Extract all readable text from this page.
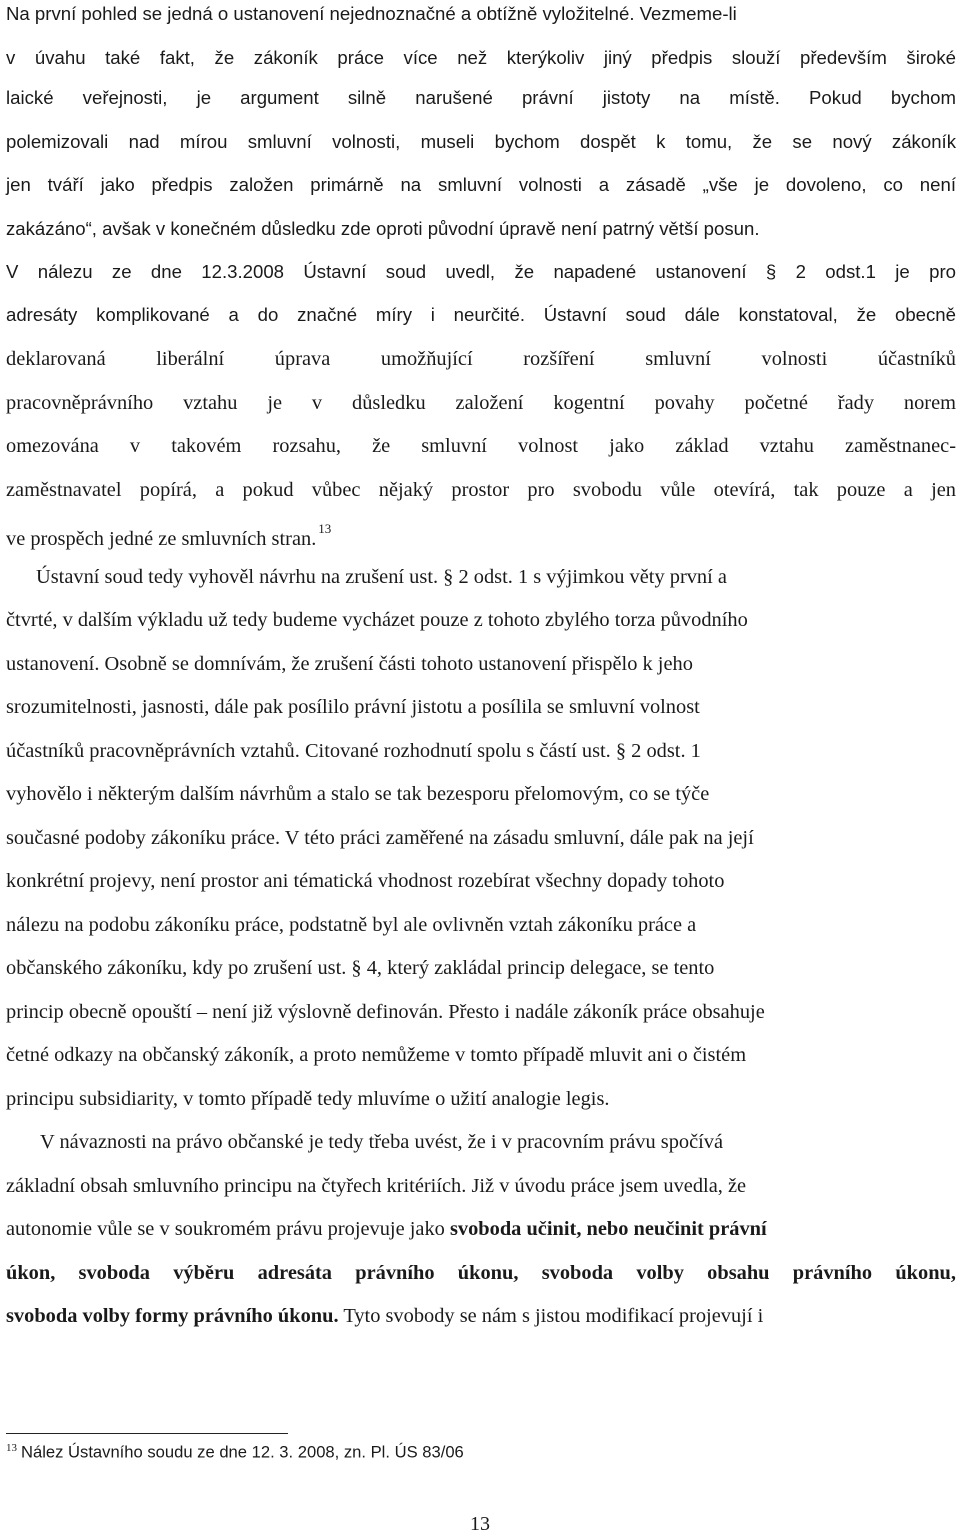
Na první pohled se jedná o ustanovení nejednoznačné a obtížně vyložitelné. Vezmeme-li
v úvahu také fakt, že zákoník práce více než kterýkoliv jiný předpis slouží především široké
laické veřejnosti, je argument silně narušené právní jistoty na místě. Pokud bychom
polemizovali nad mírou smluvní volnosti, museli bychom dospět k tomu, že se nový zákoník
jen tváří jako předpis založen primárně na smluvní volnosti a zásadě „vše je dovoleno, co není
zakázáno“, avšak v konečném důsledku zde oproti původní úpravě není patrný větší posun.
V nálezu ze dne 12.3.2008 Ústavní soud uvedl, že napadené ustanovení § 2 odst.1 je pro
adresáty komplikované a do značné míry i neurčité. Ústavní soud dále konstatoval, že obecně
deklarovaná liberální úprava umožňující rozšíření smluvní volnosti účastníků
pracovněprávního vztahu je v důsledku založení kogentní povahy početné řady norem
omezována v takovém rozsahu, že smluvní volnost jako základ vztahu zaměstnanec-
zaměstnavatel popírá, a pokud vůbec nějaký prostor pro svobodu vůle otevírá, tak pouze a jen
ve prospěch jedné ze smluvních stran. $^{13}$
Ústavní soud tedy vyhověl návrhu na zrušení ust. § 2 odst. 1 s výjimkou věty první a
čtvrté, v dalším výkladu už tedy budeme vycházet pouze z tohoto zbylého torza původního
ustanovení. Osobně se domnívám, že zrušení části tohoto ustanovení přispělo k jeho
srozumitelnosti, jasnosti, dále pak posílilo právní jistotu a posílila se smluvní volnost
účastníků pracovněprávních vztahů. Citované rozhodnutí spolu s částí ust. § 2 odst. 1
vyhovělo i některým dalším návrhům a stalo se tak bezesporu přelomovým, co se týče
současné podoby zákoníku práce. V této práci zaměřené na zásadu smluvní, dále pak na její
konkrétní projevy, není prostor ani tématická vhodnost rozebírat všechny dopady tohoto
nálezu na podobu zákoníku práce, podstatně byl ale ovlivněn vztah zákoníku práce a
občanského zákoníku, kdy po zrušení ust. § 4, který zakládal princip delegace, se tento
princip obecně opouští – není již výslovně definován. Přesto i nadále zákoník práce obsahuje
četné odkazy na občanský zákoník, a proto nemůžeme v tomto případě mluvit ani o čistém
principu subsidiarity, v tomto případě tedy mluvíme o užití analogie legis.
V návaznosti na právo občanské je tedy třeba uvést, že i v pracovním právu spočívá
základní obsah smluvního principu na čtyřech kritériích. Již v úvodu práce jsem uvedla, že
autonomie vůle se v soukromém právu projevuje jako svoboda učinit, nebo neučinit právní
úkon, svoboda výběru adresáta právního úkonu, svoboda volby obsahu právního úkonu,
svoboda volby formy právního úkonu. Tyto svobody se nám s jistou modifikací projevují i
$^{13}$ Nález Ústavního soudu ze dne 12. 3. 2008, zn. Pl. ÚS 83/06
13
